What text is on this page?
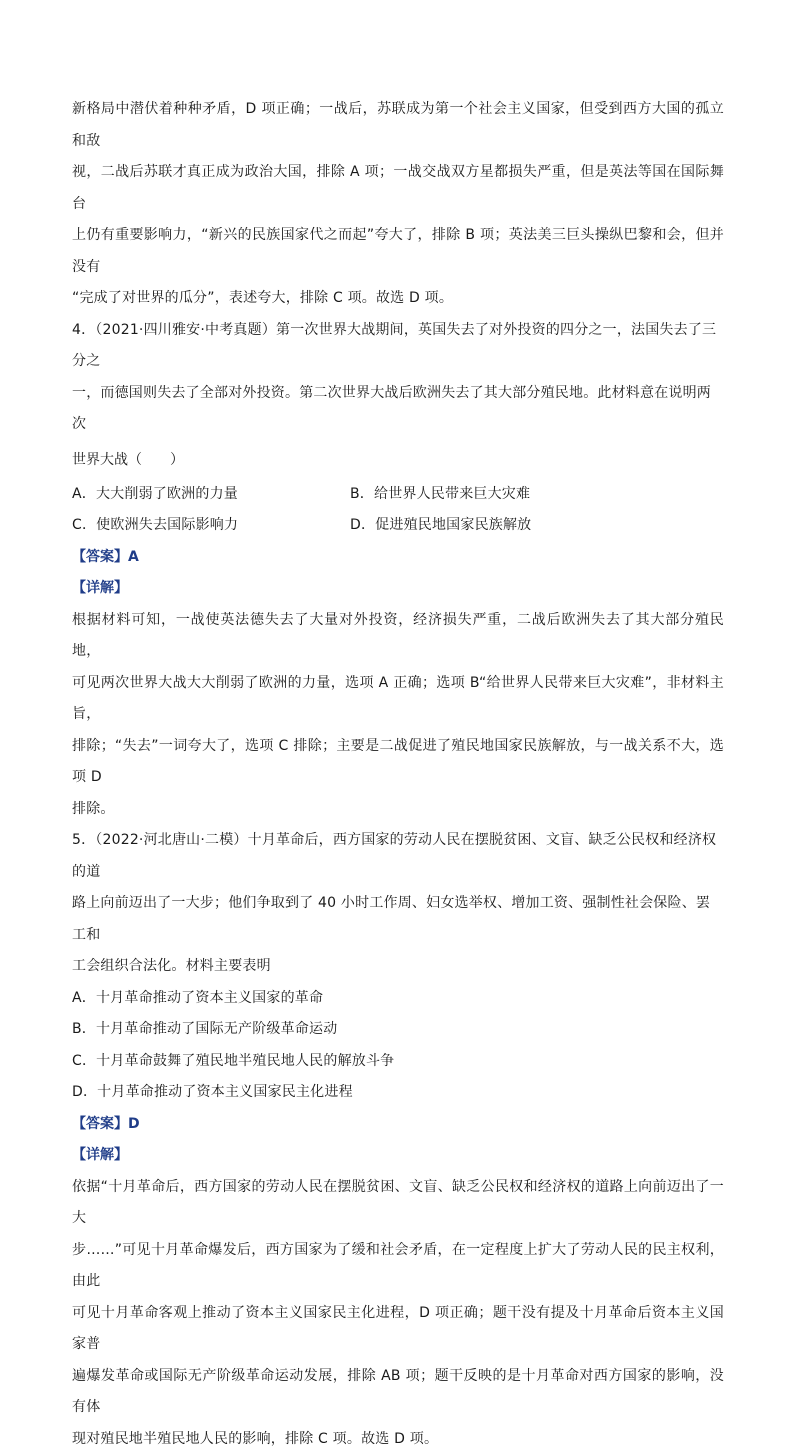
新格局中潜伏着种种矛盾，D 项正确；一战后，苏联成为第一个社会主义国家，但受到西方大国的孤立和敌

视，二战后苏联才真正成为政治大国，排除 A 项；一战交战双方星都损失严重，但是英法等国在国际舞台

上仍有重要影响力，“新兴的民族国家代之而起”夸大了，排除 B 项；英法美三巨头操纵巴黎和会，但并没有

“完成了对世界的瓜分”，表述夸大，排除 C 项。故选 D 项。

4．（2021·四川雅安·中考真题）第一次世界大战期间，英国失去了对外投资的四分之一，法国失去了三分之

一，而德国则失去了全部对外投资。第二次世界大战后欧洲失去了其大部分殖民地。此材料意在说明两次

世界大战（　　）

A．大大削弱了欧洲的力量	B．给世界人民带来巨大灾难

C．使欧洲失去国际影响力	D．促进殖民地国家民族解放

【答案】A

【详解】

根据材料可知，一战使英法德失去了大量对外投资，经济损失严重，二战后欧洲失去了其大部分殖民地，

可见两次世界大战大大削弱了欧洲的力量，选项 A 正确；选项 B“给世界人民带来巨大灾难”，非材料主旨，

排除；“失去”一词夸大了，选项 C 排除；主要是二战促进了殖民地国家民族解放，与一战关系不大，选项 D

排除。

5．（2022·河北唐山·二模）十月革命后，西方国家的劳动人民在摆脱贫困、文盲、缺乏公民权和经济权的道

路上向前迈出了一大步；他们争取到了 40 小时工作周、妇女选举权、增加工资、强制性社会保险、罢工和

工会组织合法化。材料主要表明

A．十月革命推动了资本主义国家的革命

B．十月革命推动了国际无产阶级革命运动

C．十月革命鼓舞了殖民地半殖民地人民的解放斗争

D．十月革命推动了资本主义国家民主化进程

【答案】D

【详解】

依据“十月革命后，西方国家的劳动人民在摆脱贫困、文盲、缺乏公民权和经济权的道路上向前迈出了一大

步……”可见十月革命爆发后，西方国家为了缓和社会矛盾，在一定程度上扩大了劳动人民的民主权利，由此

可见十月革命客观上推动了资本主义国家民主化进程，D 项正确；题干没有提及十月革命后资本主义国家普

遍爆发革命或国际无产阶级革命运动发展，排除 AB 项；题干反映的是十月革命对西方国家的影响，没有体

现对殖民地半殖民地人民的影响，排除 C 项。故选 D 项。
